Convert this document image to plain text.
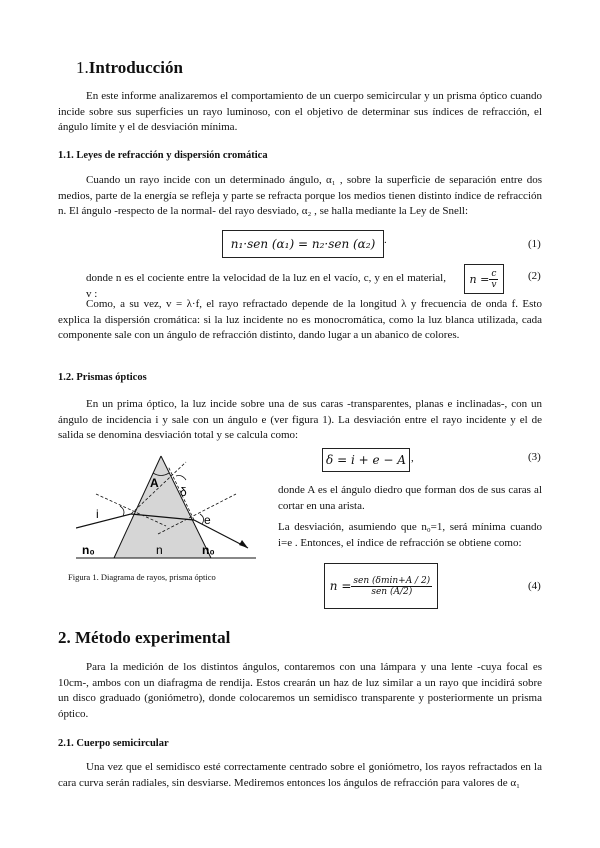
1.Introducción
En este informe analizaremos el comportamiento de un cuerpo semicircular y un prisma óptico cuando incide sobre sus superficies un rayo luminoso, con el objetivo de determinar sus índices de refracción, el ángulo límite y el de desviación mínima.
1.1. Leyes de refracción y dispersión cromática
Cuando un rayo incide con un determinado ángulo, α₁ , sobre la superficie de separación entre dos medios, parte de la energía se refleja y parte se refracta porque los medios tienen distinto índice de refracción n. El ángulo -respecto de la normal- del rayo desviado, α₂ , se halla mediante la Ley de Snell:
n₁·sen (α₁) = n₂·sen (α₂) .	(1)
donde n es el cociente entre la velocidad de la luz en el vacío, c, y en el material, v :
$n = \frac{c}{v}$	(2)
Como, a su vez, v = λ·f, el rayo refractado depende de la longitud λ y frecuencia de onda f. Esto explica la dispersión cromática: si la luz incidente no es monocromática, como la luz blanca utilizada, cada componente sale con un ángulo de refracción distinto, dando lugar a un abanico de colores.
1.2. Prismas ópticos
En un prima óptico, la luz incide sobre una de sus caras -transparentes, planas e inclinadas-, con un ángulo de incidencia i y sale con un ángulo e (ver figura 1). La desviación entre el rayo incidente y el de salida se denomina desviación total y se calcula como:
δ = i + e − A ,	(3)
donde A es el ángulo diedro que forman dos de sus caras al cortar en una arista.
La desviación, asumiendo que n₀=1, será mínima cuando i=e . Entonces, el índice de refracción se obtiene como:
$n = \frac{\text{sen (δmin+A / 2)}}{\text{sen (A/2)}}$	(4)
A
δ
i	e
n₀	n	n₀
Figura 1. Diagrama de rayos, prisma óptico
2. Método experimental
Para la medición de los distintos ángulos, contaremos con una lámpara y una lente -cuya focal es 10cm-, ambos con un diafragma de rendija. Estos crearán un haz de luz similar a un rayo que incidirá sobre un disco graduado (goniómetro), donde colocaremos un semidisco transparente y posteriormente un prisma óptico.
2.1. Cuerpo semicircular
Una vez que el semidisco esté correctamente centrado sobre el goniómetro, los rayos refractados en la cara curva serán radiales, sin desviarse. Mediremos entonces los ángulos de refracción para valores de α₁
